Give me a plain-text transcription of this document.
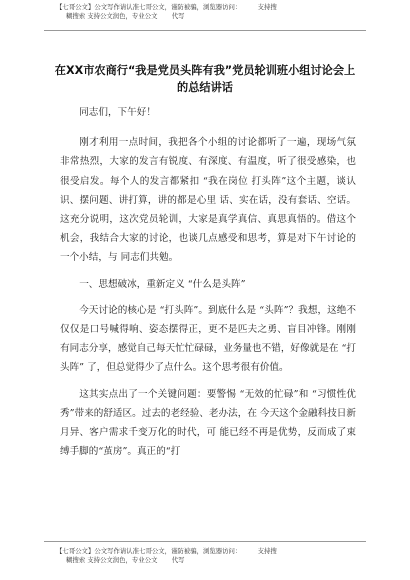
【七哥公文】公文写作请认准七哥公文，谨防被骗，浏览器访问：        支持搜
糊搜索 支持公文润色，专业公文       代写
在XX市农商行“我是党员头阵有我”党员轮训班小组讨论会上的总结讲话

同志们，下午好！

刚才利用一点时间，我把各个小组的讨论都听了一遍，现场气氛非常热烈，大家的发言有锐度、有深度、有温度，听了很受感染，也很受启发。每个人的发言都紧扣 “我在岗位 打头阵”这个主题，谈认识、摆问题、讲打算，讲的都是心里 话、实在话，没有套话、空话。这充分说明，这次党员轮训，大家是真学真信、真思真悟的。借这个机会，我结合大家的讨论，也谈几点感受和思考，算是对下午讨论的一个小结，与 同志们共勉。

一、思想破冰，重新定义 “什么是头阵”

今天讨论的核心是 “打头阵”。到底什么是 “头阵”？我想，这绝不仅仅是口号喊得响、姿态摆得正，更不是匹夫之勇、盲目冲锋。刚刚有同志分享，感觉自己每天忙忙碌碌，业务量也不错，好像就是在 “打头阵” 了，但总觉得少了点什么。这个思考很有价值。

这其实点出了一个关键问题：要警惕 “无效的忙碌”和 “习惯性优秀”带来的舒适区。过去的老经验、老办法，在 今天这个金融科技日新月异、客户需求千变万化的时代，可 能已经不再是优势，反而成了束缚手脚的“茧房”。真正的“打

【七哥公文】公文写作请认准七哥公文，谨防被骗，浏览器访问：        支持搜
糊搜索 支持公文润色，专业公文       代写
